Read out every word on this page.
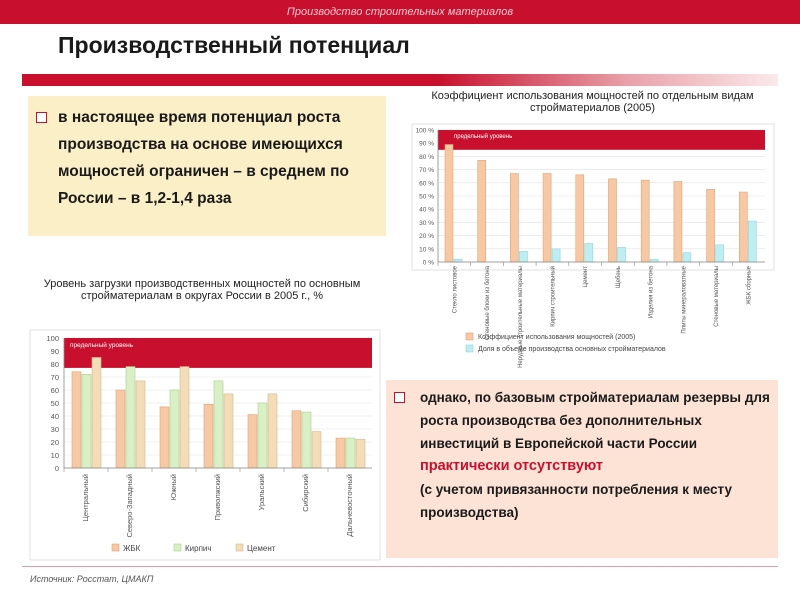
Производство строительных материалов
Производственный потенциал
в настоящее время потенциал роста производства на основе имеющихся мощностей ограничен – в среднем по России – в 1,2-1,4 раза
Коэффициент использования мощностей по отдельным видам стройматериалов (2005)
Уровень загрузки производственных мощностей по основным стройматериалам в округах России в 2005 г., %
0 %
10 %
20 %
30 %
40 %
50 %
60 %
70 %
80 %
90 %
100 %
предельный уровень
Стекло листовое	Стеновые блоки из бетона	Нерудные строительные материалы	Кирпич строительный	Цемент	Щебень	Изделия из бетона	Плиты минераловатные	Стеновые материалы	ЖБК сборные
Коэффициент использования мощностей (2005)
Доля в объеме производства основных стройматериалов
0
10
20
30
40
50
60
70
80
90
100
предельный уровень
Центральный	Северо-Западный	Южный	Приволжский	Уральский	Сибирский	Дальневосточный
ЖБК	Кирпич	Цемент
однако, по базовым стройматериалам резервы для роста производства без дополнительных инвестиций в Европейской части России
практически отсутствуют
(с учетом привязанности потребления к месту производства)
Источник: Росстат, ЦМАКП
